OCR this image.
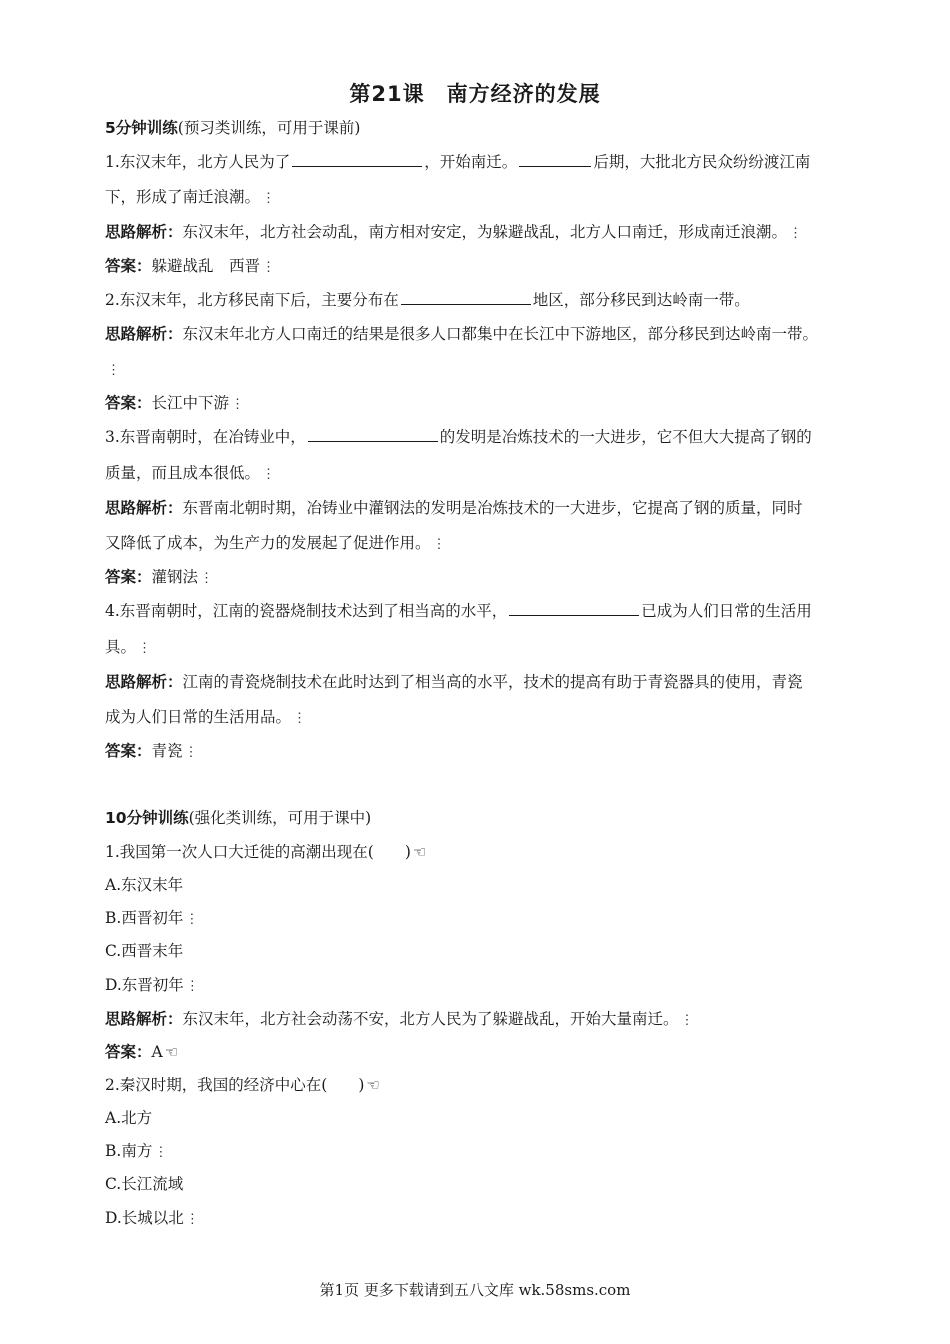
第21课　南方经济的发展
5分钟训练(预习类训练，可用于课前)
1.东汉末年，北方人民为了	，开始南迁。	后期，大批北方民众纷纷渡江南
下，形成了南迁浪潮。 ⋮
思路解析：东汉末年，北方社会动乱，南方相对安定，为躲避战乱，北方人口南迁，形成南迁浪潮。 ⋮
答案：躲避战乱　西晋 ⋮
2.东汉末年，北方移民南下后，主要分布在	地区，部分移民到达岭南一带。
思路解析：东汉末年北方人口南迁的结果是很多人口都集中在长江中下游地区，部分移民到达岭南一带。
⋮
答案：长江中下游 ⋮
3.东晋南朝时，在冶铸业中，	的发明是冶炼技术的一大进步，它不但大大提高了钢的
质量，而且成本很低。 ⋮
思路解析：东晋南北朝时期，冶铸业中灌钢法的发明是冶炼技术的一大进步，它提高了钢的质量，同时
又降低了成本，为生产力的发展起了促进作用。 ⋮
答案：灌钢法 ⋮
4.东晋南朝时，江南的瓷器烧制技术达到了相当高的水平，	已成为人们日常的生活用
具。 ⋮
思路解析：江南的青瓷烧制技术在此时达到了相当高的水平，技术的提高有助于青瓷器具的使用，青瓷
成为人们日常的生活用品。 ⋮
答案：青瓷 ⋮
10分钟训练(强化类训练，可用于课中)
1.我国第一次人口大迁徙的高潮出现在(　　) ☜
A.东汉末年
B.西晋初年 ⋮
C.西晋末年
D.东晋初年 ⋮
思路解析：东汉末年，北方社会动荡不安，北方人民为了躲避战乱，开始大量南迁。 ⋮
答案：A ☜
2.秦汉时期，我国的经济中心在(　　) ☜
A.北方
B.南方 ⋮
C.长江流域
D.长城以北 ⋮
第1页 更多下载请到五八文库 wk.58sms.com
